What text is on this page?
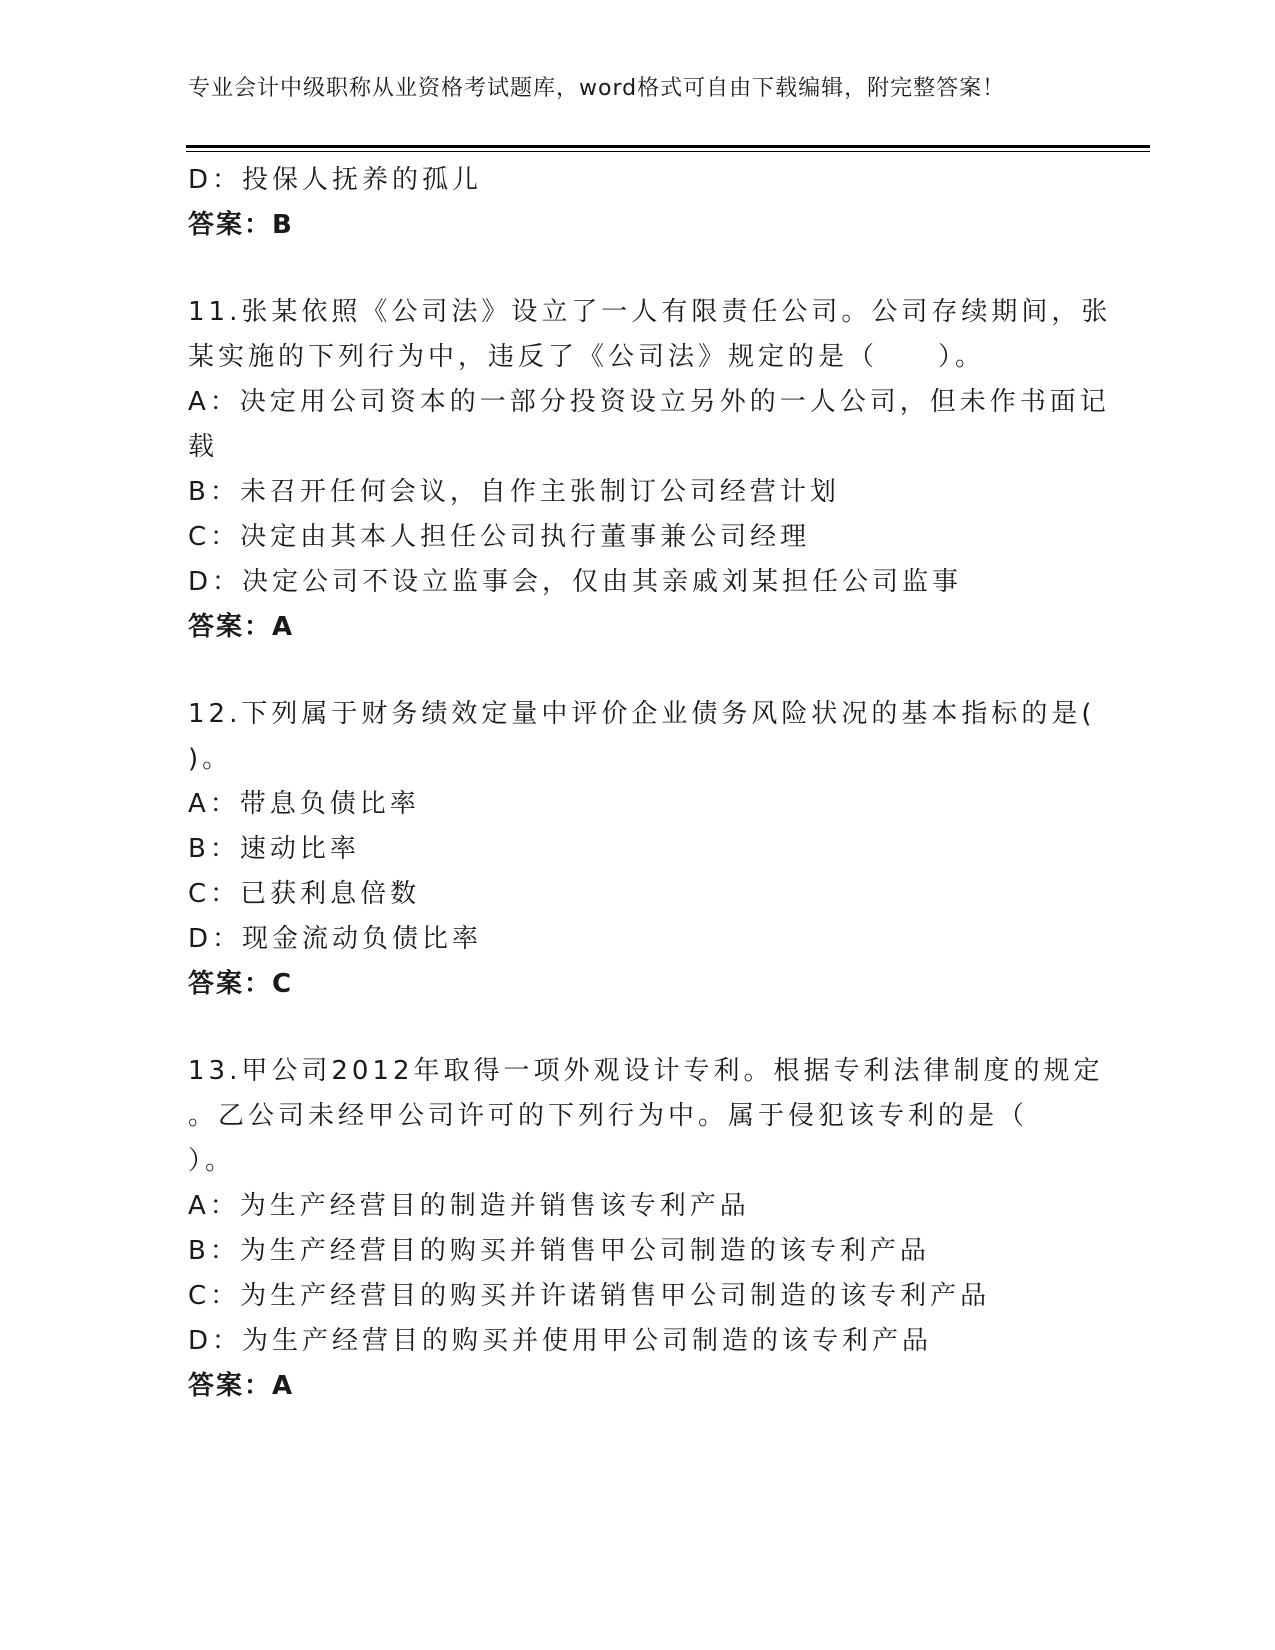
专业会计中级职称从业资格考试题库，word格式可自由下载编辑，附完整答案！
D：投保人抚养的孤儿
答案：B
11.张某依照《公司法》设立了一人有限责任公司。公司存续期间，张
某实施的下列行为中，违反了《公司法》规定的是（　　）。
A：决定用公司资本的一部分投资设立另外的一人公司，但未作书面记
载
B：未召开任何会议，自作主张制订公司经营计划
C：决定由其本人担任公司执行董事兼公司经理
D：决定公司不设立监事会，仅由其亲戚刘某担任公司监事
答案：A
12.下列属于财务绩效定量中评价企业债务风险状况的基本指标的是(
)。
A：带息负债比率
B：速动比率
C：已获利息倍数
D：现金流动负债比率
答案：C
13.甲公司2012年取得一项外观设计专利。根据专利法律制度的规定
。乙公司未经甲公司许可的下列行为中。属于侵犯该专利的是（
）。
A：为生产经营目的制造并销售该专利产品
B：为生产经营目的购买并销售甲公司制造的该专利产品
C：为生产经营目的购买并许诺销售甲公司制造的该专利产品
D：为生产经营目的购买并使用甲公司制造的该专利产品
答案：A
